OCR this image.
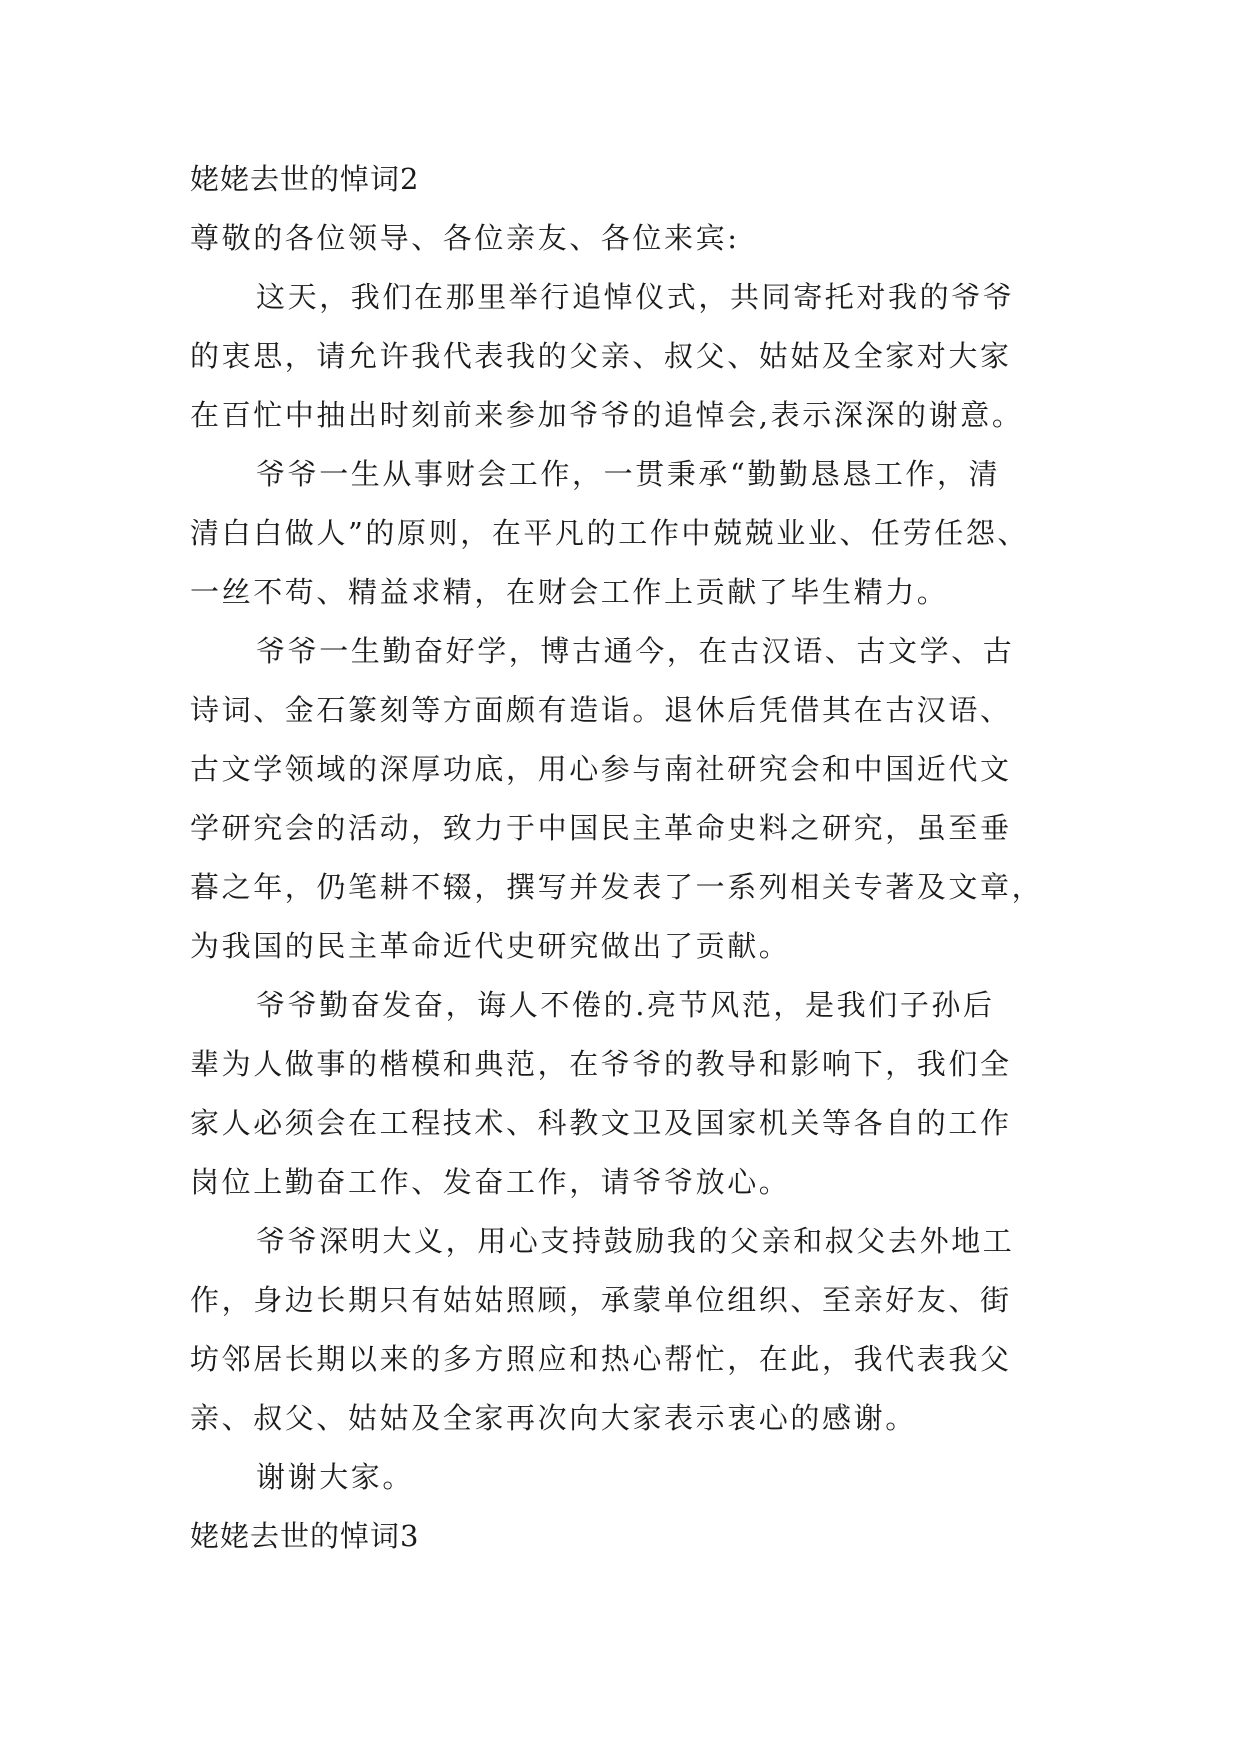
姥姥去世的悼词2
尊敬的各位领导、各位亲友、各位来宾:
这天，我们在那里举行追悼仪式，共同寄托对我的爷爷
的衷思，请允许我代表我的父亲、叔父、姑姑及全家对大家
在百忙中抽出时刻前来参加爷爷的追悼会,表示深深的谢意。
爷爷一生从事财会工作，一贯秉承“勤勤恳恳工作，清
清白白做人”的原则，在平凡的工作中兢兢业业、任劳任怨、
一丝不苟、精益求精，在财会工作上贡献了毕生精力。
爷爷一生勤奋好学，博古通今，在古汉语、古文学、古
诗词、金石篆刻等方面颇有造诣。退休后凭借其在古汉语、
古文学领域的深厚功底，用心参与南社研究会和中国近代文
学研究会的活动，致力于中国民主革命史料之研究，虽至垂
暮之年，仍笔耕不辍，撰写并发表了一系列相关专著及文章，
为我国的民主革命近代史研究做出了贡献。
爷爷勤奋发奋，诲人不倦的.亮节风范，是我们子孙后
辈为人做事的楷模和典范，在爷爷的教导和影响下，我们全
家人必须会在工程技术、科教文卫及国家机关等各自的工作
岗位上勤奋工作、发奋工作，请爷爷放心。
爷爷深明大义，用心支持鼓励我的父亲和叔父去外地工
作，身边长期只有姑姑照顾，承蒙单位组织、至亲好友、街
坊邻居长期以来的多方照应和热心帮忙，在此，我代表我父
亲、叔父、姑姑及全家再次向大家表示衷心的感谢。
谢谢大家。
姥姥去世的悼词3
